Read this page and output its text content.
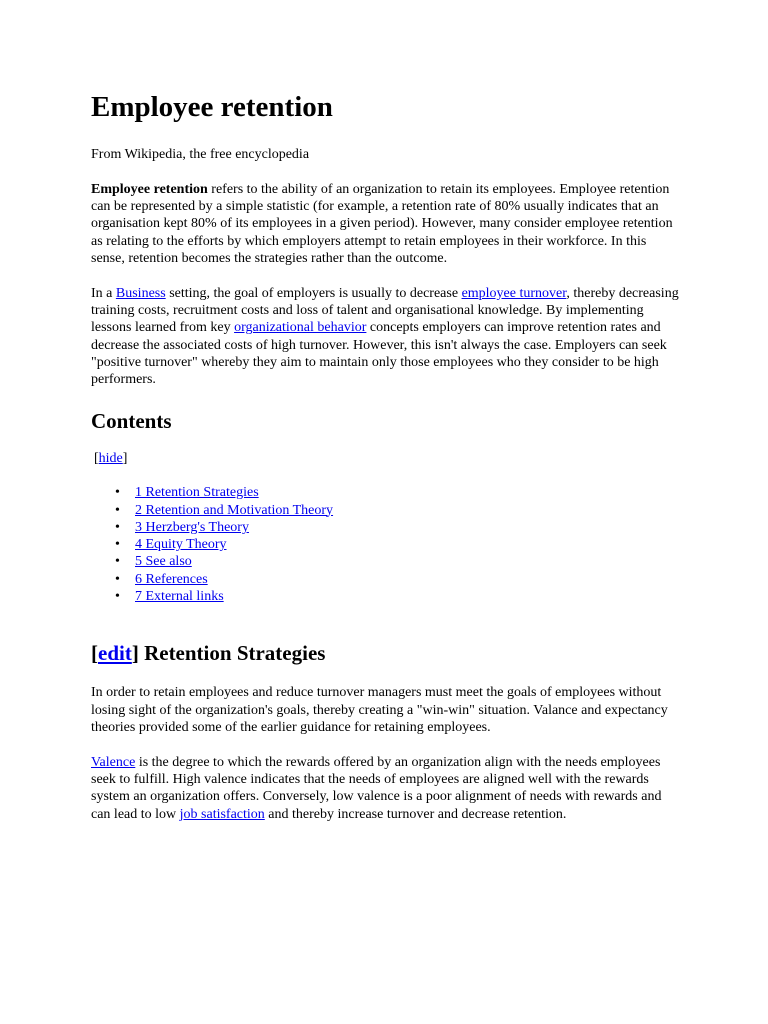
Employee retention
From Wikipedia, the free encyclopedia

Employee retention refers to the ability of an organization to retain its employees. Employee retention can be represented by a simple statistic (for example, a retention rate of 80% usually indicates that an organisation kept 80% of its employees in a given period). However, many consider employee retention as relating to the efforts by which employers attempt to retain employees in their workforce. In this sense, retention becomes the strategies rather than the outcome.

In a Business setting, the goal of employers is usually to decrease employee turnover, thereby decreasing training costs, recruitment costs and loss of talent and organisational knowledge. By implementing lessons learned from key organizational behavior concepts employers can improve retention rates and decrease the associated costs of high turnover. However, this isn't always the case. Employers can seek "positive turnover" whereby they aim to maintain only those employees who they consider to be high performers.

Contents
[hide]
• 1 Retention Strategies
• 2 Retention and Motivation Theory
• 3 Herzberg's Theory
• 4 Equity Theory
• 5 See also
• 6 References
• 7 External links
[edit] Retention Strategies

In order to retain employees and reduce turnover managers must meet the goals of employees without losing sight of the organization's goals, thereby creating a "win-win" situation. Valance and expectancy theories provided some of the earlier guidance for retaining employees.

Valence is the degree to which the rewards offered by an organization align with the needs employees seek to fulfill. High valence indicates that the needs of employees are aligned well with the rewards system an organization offers. Conversely, low valence is a poor alignment of needs with rewards and can lead to low job satisfaction and thereby increase turnover and decrease retention.
